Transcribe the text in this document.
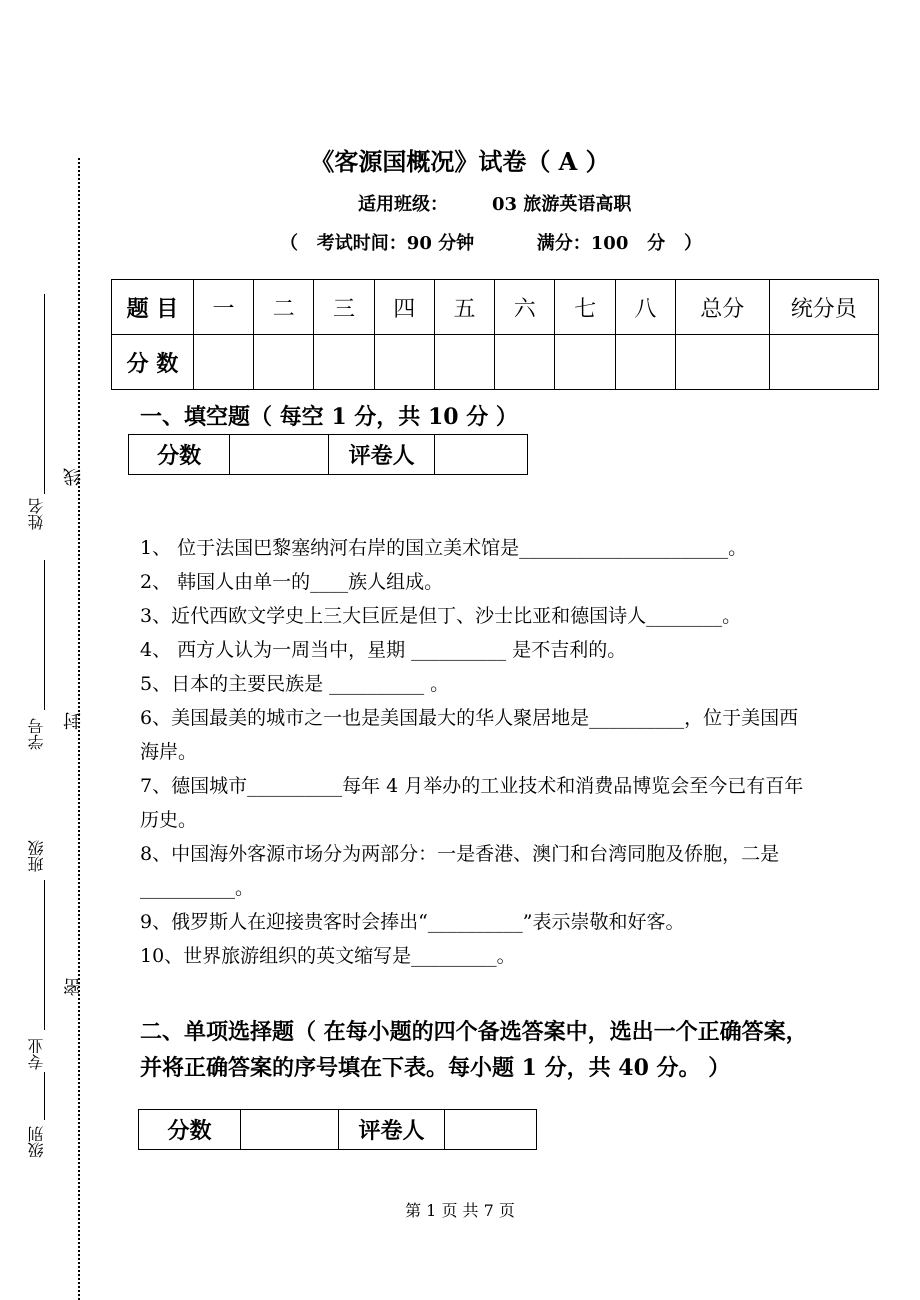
《客源国概况》试卷（ A ）
适用班级： 03 旅游英语高职
（   考试时间：90 分钟          满分：100   分   ）
题 目	一	二	三	四	五	六	七	八	总分	统分员
分 数										
一、填空题（ 每空 1 分，共 10 分 ）
分数		评卷人	
1、 位于法国巴黎塞纳河右岸的国立美术馆是______________________。
2、 韩国人由单一的____族人组成。
3、近代西欧文学史上三大巨匠是但丁、沙士比亚和德国诗人________。
4、 西方人认为一周当中，星期 __________ 是不吉利的。
5、日本的主要民族是 __________ 。
6、美国最美的城市之一也是美国最大的华人聚居地是__________，位于美国西
海岸。
7、德国城市__________每年 4 月举办的工业技术和消费品博览会至今已有百年
历史。
8、中国海外客源市场分为两部分：一是香港、澳门和台湾同胞及侨胞，二是
__________。
9、俄罗斯人在迎接贵客时会捧出“__________”表示崇敬和好客。
10、世界旅游组织的英文缩写是_________。
二、单项选择题（ 在每小题的四个备选答案中，选出一个正确答案，
并将正确答案的序号填在下表。每小题 1 分，共 40 分。 ）
分数		评卷人	
姓名
学号
班级
专业
级别
线
封
密
第 1 页 共 7 页
